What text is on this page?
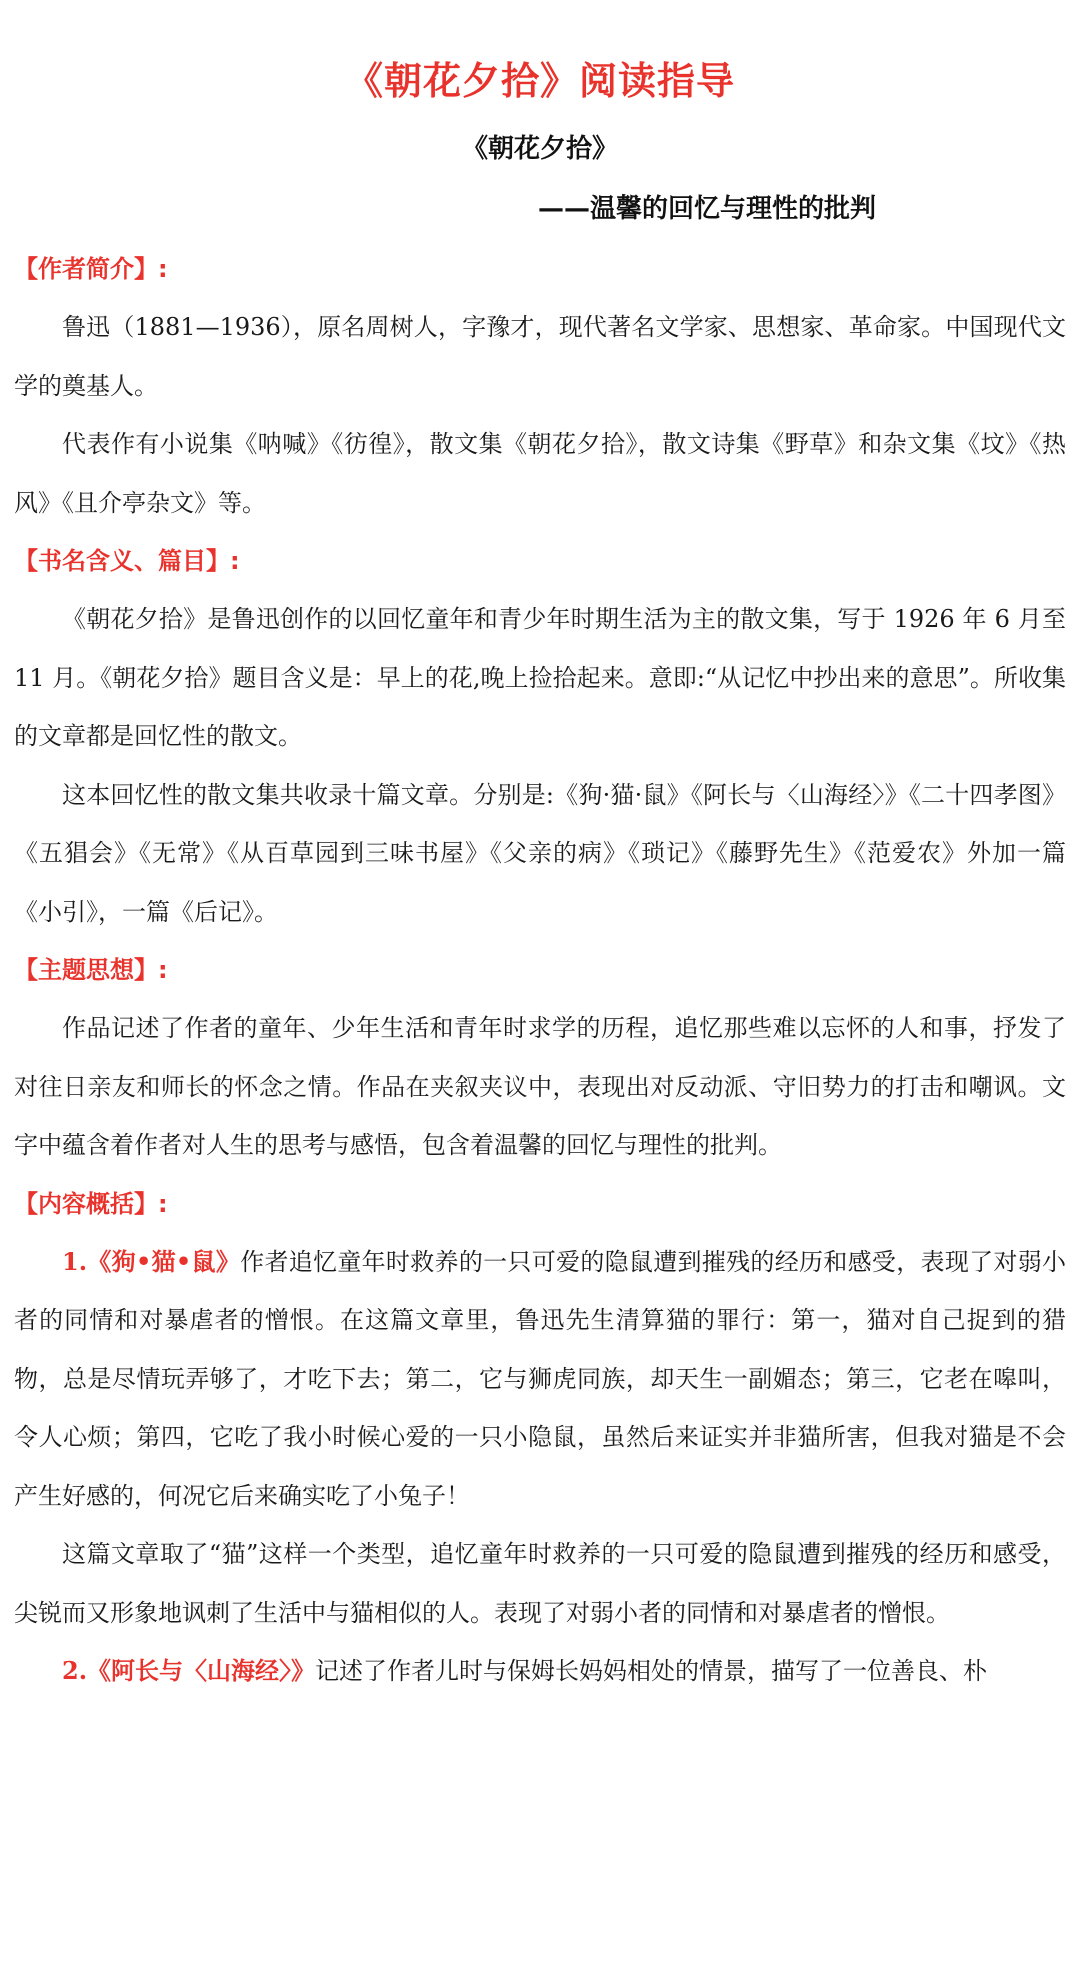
《朝花夕拾》阅读指导
《朝花夕拾》
——温馨的回忆与理性的批判
【作者简介】:

鲁迅（1881—1936），原名周树人，字豫才，现代著名文学家、思想家、革命家。中国现代文学的奠基人。

代表作有小说集《呐喊》《彷徨》，散文集《朝花夕拾》，散文诗集《野草》和杂文集《坟》《热风》《且介亭杂文》等。

【书名含义、篇目】:

《朝花夕拾》是鲁迅创作的以回忆童年和青少年时期生活为主的散文集，写于 1926 年 6 月至 11 月。《朝花夕拾》题目含义是：早上的花,晚上捡拾起来。意即:“从记忆中抄出来的意思”。所收集的文章都是回忆性的散文。

这本回忆性的散文集共收录十篇文章。分别是:《狗·猫·鼠》《阿长与〈山海经〉》《二十四孝图》《五猖会》《无常》《从百草园到三味书屋》《父亲的病》《琐记》《藤野先生》《范爱农》外加一篇《小引》，一篇《后记》。

【主题思想】:

作品记述了作者的童年、少年生活和青年时求学的历程，追忆那些难以忘怀的人和事，抒发了对往日亲友和师长的怀念之情。作品在夹叙夹议中，表现出对反动派、守旧势力的打击和嘲讽。文字中蕴含着作者对人生的思考与感悟，包含着温馨的回忆与理性的批判。

【内容概括】:

1.《狗•猫•鼠》作者追忆童年时救养的一只可爱的隐鼠遭到摧残的经历和感受，表现了对弱小者的同情和对暴虐者的憎恨。在这篇文章里，鲁迅先生清算猫的罪行：第一，猫对自己捉到的猎物，总是尽情玩弄够了，才吃下去；第二，它与狮虎同族，却天生一副媚态；第三，它老在嗥叫，令人心烦；第四，它吃了我小时候心爱的一只小隐鼠，虽然后来证实并非猫所害，但我对猫是不会产生好感的，何况它后来确实吃了小兔子！

这篇文章取了“猫”这样一个类型，追忆童年时救养的一只可爱的隐鼠遭到摧残的经历和感受，尖锐而又形象地讽刺了生活中与猫相似的人。表现了对弱小者的同情和对暴虐者的憎恨。

2.《阿长与〈山海经〉》记述了作者儿时与保姆长妈妈相处的情景，描写了一位善良、朴
